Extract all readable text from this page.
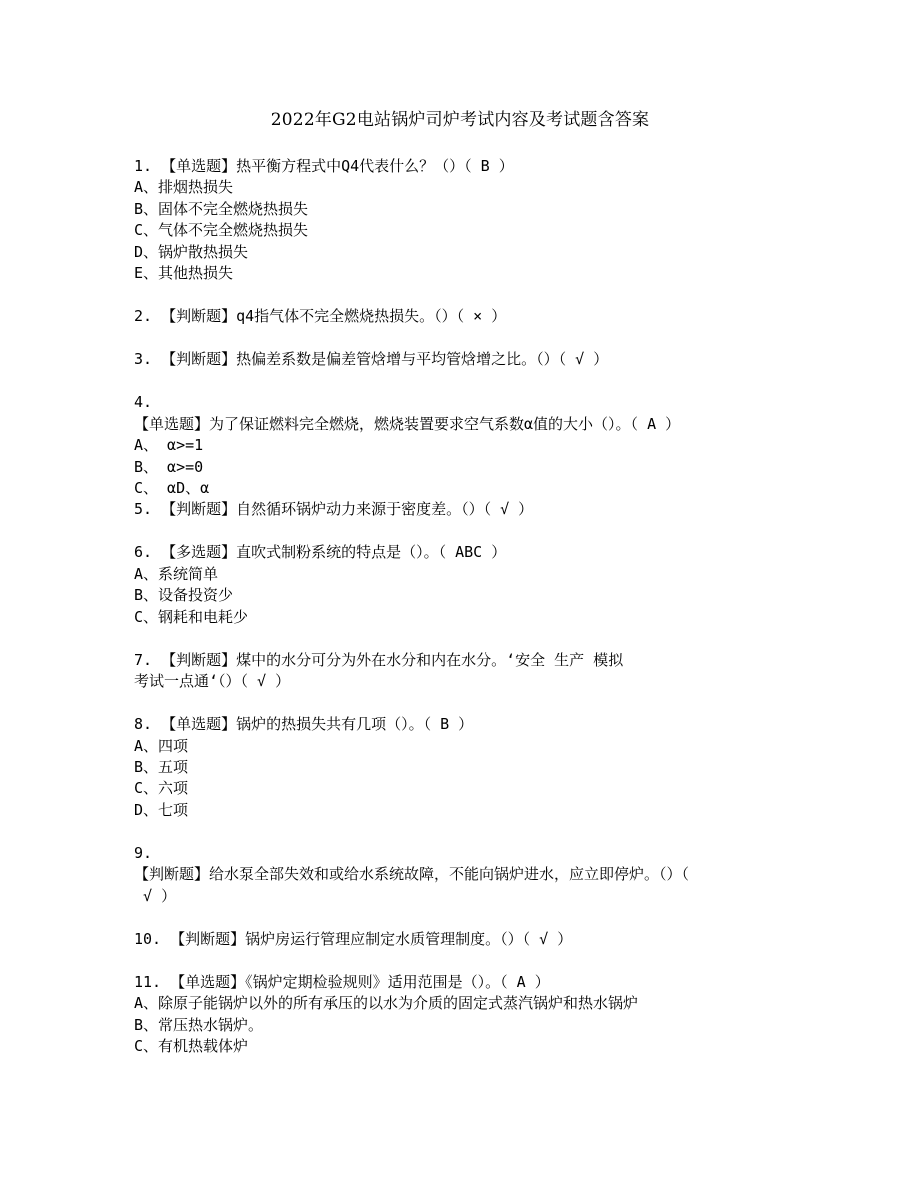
2022年G2电站锅炉司炉考试内容及考试题含答案
1. 【单选题】热平衡方程式中Q4代表什么？（）（ B ）
A、排烟热损失
B、固体不完全燃烧热损失
C、气体不完全燃烧热损失
D、锅炉散热损失
E、其他热损失
2. 【判断题】q4指气体不完全燃烧热损失。（）（ × ）
3. 【判断题】热偏差系数是偏差管焓增与平均管焓增之比。（）（ √ ）
4.
【单选题】为了保证燃料完全燃烧，燃烧装置要求空气系数α值的大小（）。（ A ）
A、 α>=1
B、 α>=0
C、 αD、α
5. 【判断题】自然循环锅炉动力来源于密度差。（）（ √ ）
6. 【多选题】直吹式制粉系统的特点是（）。（ ABC ）
A、系统简单
B、设备投资少
C、钢耗和电耗少
7. 【判断题】煤中的水分可分为外在水分和内在水分。‘安全 生产 模拟
考试一点通‘（）（ √ ）
8. 【单选题】锅炉的热损失共有几项（）。（ B ）
A、四项
B、五项
C、六项
D、七项
9.
【判断题】给水泵全部失效和或给水系统故障，不能向锅炉进水，应立即停炉。（）（
√ ）
10. 【判断题】锅炉房运行管理应制定水质管理制度。（）（ √ ）
11. 【单选题】《锅炉定期检验规则》适用范围是（）。（ A ）
A、除原子能锅炉以外的所有承压的以水为介质的固定式蒸汽锅炉和热水锅炉
B、常压热水锅炉。
C、有机热载体炉
